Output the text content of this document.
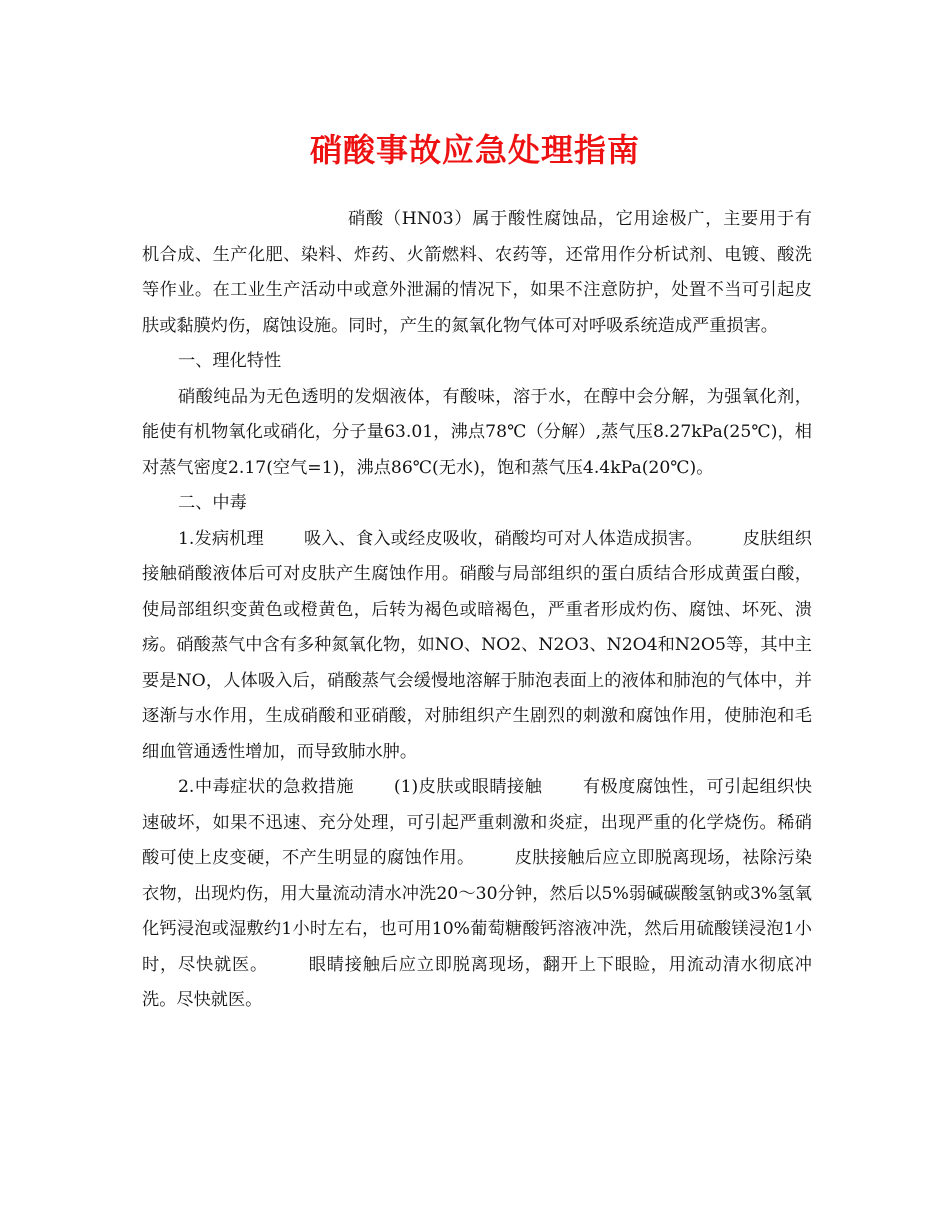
硝酸事故应急处理指南

硝酸（HN03）属于酸性腐蚀品，它用途极广，主要用于有机合成、生产化肥、染料、炸药、火箭燃料、农药等，还常用作分析试剂、电镀、酸洗等作业。在工业生产活动中或意外泄漏的情况下，如果不注意防护，处置不当可引起皮肤或黏膜灼伤，腐蚀设施。同时，产生的氮氧化物气体可对呼吸系统造成严重损害。

一、理化特性

硝酸纯品为无色透明的发烟液体，有酸味，溶于水，在醇中会分解，为强氧化剂，能使有机物氧化或硝化，分子量63.01，沸点78℃（分解）,蒸气压8.27kPa(25℃)，相对蒸气密度2.17(空气=1)，沸点86℃(无水)，饱和蒸气压4.4kPa(20℃)。

二、中毒

1.发病机理 吸入、食入或经皮吸收，硝酸均可对人体造成损害。 皮肤组织接触硝酸液体后可对皮肤产生腐蚀作用。硝酸与局部组织的蛋白质结合形成黄蛋白酸，使局部组织变黄色或橙黄色，后转为褐色或暗褐色，严重者形成灼伤、腐蚀、坏死、溃疡。硝酸蒸气中含有多种氮氧化物，如NO、NO2、N2O3、N2O4和N2O5等，其中主要是NO，人体吸入后，硝酸蒸气会缓慢地溶解于肺泡表面上的液体和肺泡的气体中，并逐渐与水作用，生成硝酸和亚硝酸，对肺组织产生剧烈的刺激和腐蚀作用，使肺泡和毛细血管通透性增加，而导致肺水肿。

2.中毒症状的急救措施 (1)皮肤或眼睛接触 有极度腐蚀性，可引起组织快速破坏，如果不迅速、充分处理，可引起严重刺激和炎症，出现严重的化学烧伤。稀硝酸可使上皮变硬，不产生明显的腐蚀作用。 皮肤接触后应立即脱离现场，袪除污染衣物，出现灼伤，用大量流动清水冲洗20～30分钟，然后以5%弱碱碳酸氢钠或3%氢氧化钙浸泡或湿敷约1小时左右，也可用10%葡萄糖酸钙溶液冲洗，然后用硫酸镁浸泡1小时，尽快就医。 眼睛接触后应立即脱离现场，翻开上下眼睑，用流动清水彻底冲洗。尽快就医。
